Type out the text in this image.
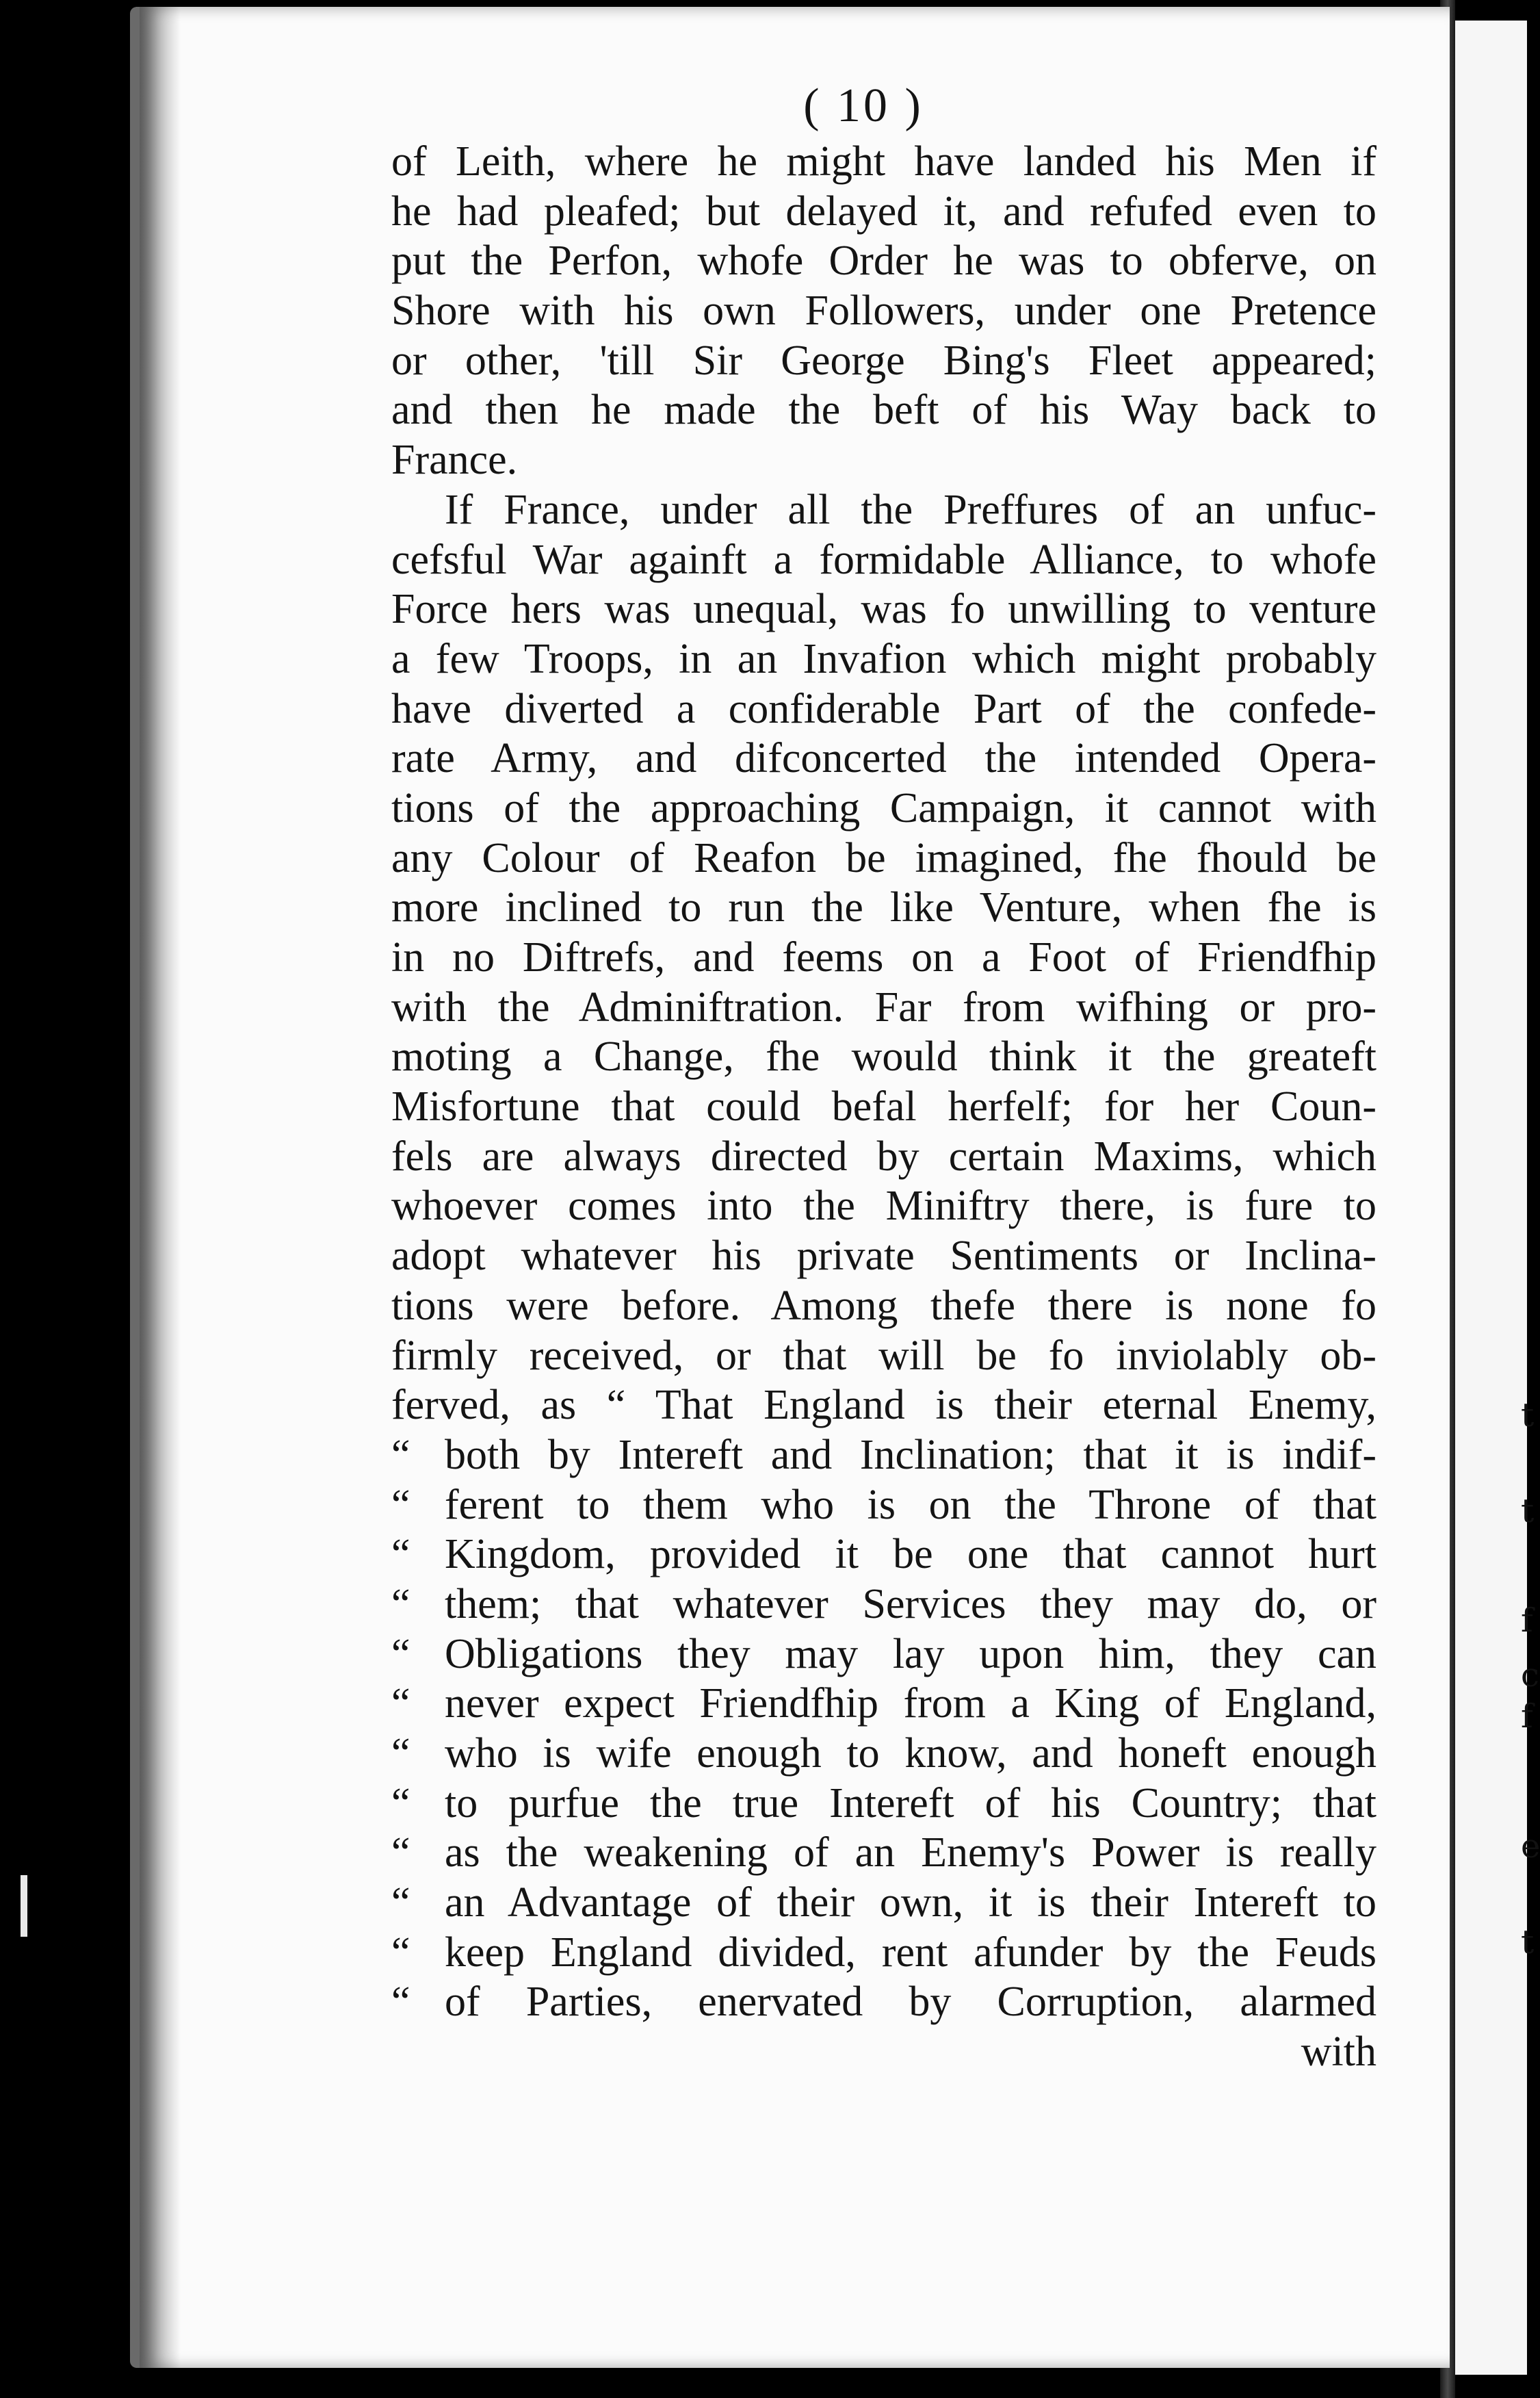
t
t
f
c
f
e
t
( 10 )
of Leith, where he might have landed his Men if
he had pleafed; but delayed it, and refufed even to
put the Perfon, whofe Order he was to obferve, on
Shore with his own Followers, under one Pretence
or other, 'till Sir George Bing's Fleet appeared;
and then he made the beft of his Way back to
France.
If France, under all the Preffures of an unfuc-
cefsful War againft a formidable Alliance, to whofe
Force hers was unequal, was fo unwilling to venture
a few Troops, in an Invafion which might probably
have diverted a confiderable Part of the confede-
rate Army, and difconcerted the intended Opera-
tions of the approaching Campaign, it cannot with
any Colour of Reafon be imagined, fhe fhould be
more inclined to run the like Venture, when fhe is
in no Diftrefs, and feems on a Foot of Friendfhip
with the Adminiftration. Far from wifhing or pro-
moting a Change, fhe would think it the greateft
Misfortune that could befal herfelf; for her Coun-
fels are always directed by certain Maxims, which
whoever comes into the Miniftry there, is fure to
adopt whatever his private Sentiments or Inclina-
tions were before. Among thefe there is none fo
firmly received, or that will be fo inviolably ob-
ferved, as “ That England is their eternal Enemy,
“ both by Intereft and Inclination; that it is indif-
“ ferent to them who is on the Throne of that
“ Kingdom, provided it be one that cannot hurt
“ them; that whatever Services they may do, or
“ Obligations they may lay upon him, they can
“ never expect Friendfhip from a King of England,
“ who is wife enough to know, and honeft enough
“ to purfue the true Intereft of his Country; that
“ as the weakening of an Enemy's Power is really
“ an Advantage of their own, it is their Intereft to
“ keep England divided, rent afunder by the Feuds
“ of Parties, enervated by Corruption, alarmed
with
